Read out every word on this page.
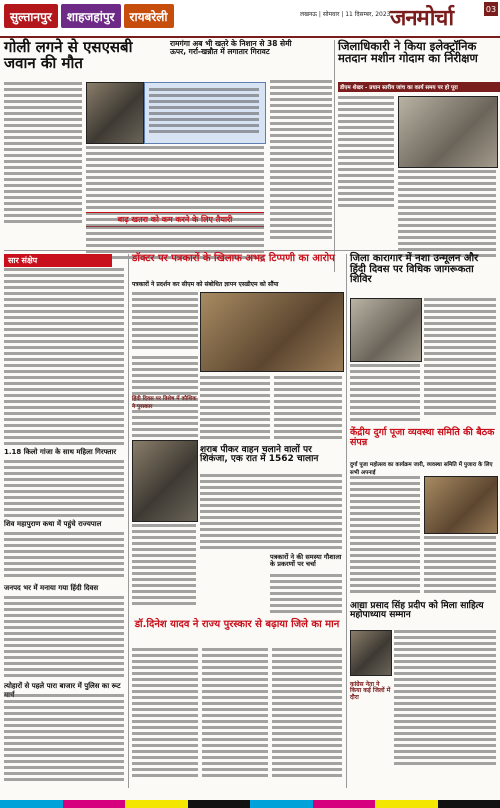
सुल्तानपुर	शाहजहांपुर	रायबरेली	लखनऊ | सोमवार | 11 दिसम्बर, 2023 जनमोर्चा	03
गोली लगने से एसएसबी जवान की मौत
बाढ़ खतरा को कम करने के लिए तैयारी
रामगंगा अब भी खतरे के निशान से 38 सेमी ऊपर, गर्रा-खन्नौत में लगातार गिरावट	जिलाधिकारी ने किया इलेक्ट्रॉनिक मतदान मशीन गोदाम का निरीक्षण
डीएम शेखर - प्रधान स्तरीय जांच का कार्य समय पर हो पूरा
सार संक्षेप
1.18 किलो गांजा के साथ महिला गिरफ्तार
शिव महापुराण कथा में पहुंचे राज्यपाल
जनपद भर में मनाया गया हिंदी दिवस
त्योहारों से पहले पारा बाजार में पुलिस का रूट
डॉक्टर पर पत्रकारों के खिलाफ अभद्र टिप्पणी का आरोप
पत्रकारों ने प्रदर्शन कर सीएम को संबोधित ज्ञापन एसडीएम को सौंपा
हिंदी दिवस पर विशेष में कौशिक ने पुरस्कार
शराब पीकर वाहन चलाने वालों पर शिकंजा, एक रात में 1562 चालान
पत्रकारों ने की समस्या गौशाला के प्रकरणों पर चर्चा
डॉ.दिनेश यादव ने राज्य पुरस्कार से बढ़ाया जिले का मान
जिला कारागार में नशा उन्मूलन और हिंदी दिवस पर विधिक जागरूकता शिविर
केंद्रीय दुर्गा पूजा व्यवस्था समिति की बैठक संपन्न
दुर्गा पूजा महोत्सव का कार्यक्रम जारी, व्यवस्था समिति में पुजारा के लिए सभी अपनाई
आद्या प्रसाद सिंह प्रदीप को मिला साहित्य महोपाध्याय सम्मान
कांग्रेस नेता ने किया कई जिलों में दौरा
